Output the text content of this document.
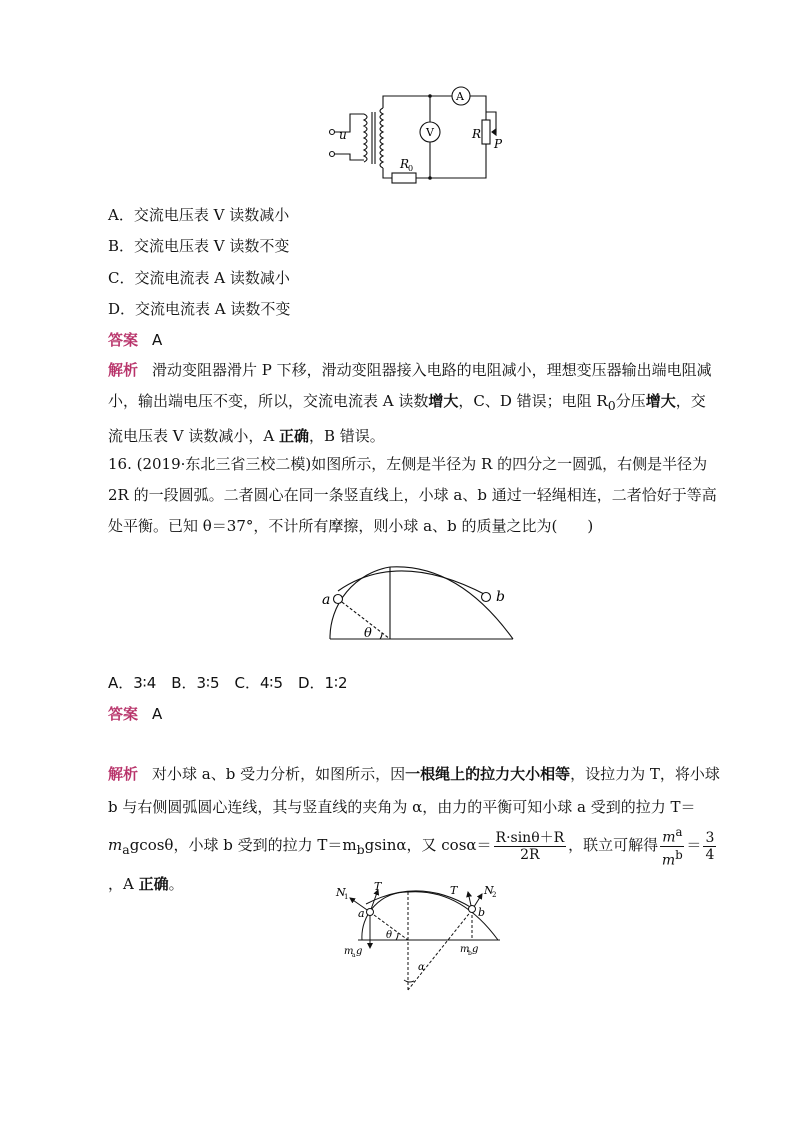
u
A
V	R
P
R
0
A．交流电压表 V 读数减小
B．交流电压表 V 读数不变
C．交流电流表 A 读数减小
D．交流电流表 A 读数不变
答案 A
解析 滑动变阻器滑片 P 下移，滑动变阻器接入电路的电阻减小，理想变压器输出端电阻减小，输出端电压不变，所以，交流电流表 A 读数增大，C、D 错误；电阻 $R_0$分压增大，交流电压表 V 读数减小，A 正确，B 错误。
16. (2019·东北三省三校二模)如图所示，左侧是半径为 R 的四分之一圆弧，右侧是半径为 2R 的一段圆弧。二者圆心在同一条竖直线上，小球 a、b 通过一轻绳相连，二者恰好于等高处平衡。已知 θ＝37°，不计所有摩擦，则小球 a、b 的质量之比为(　　)
a	b
θ
A．3∶4　B．3∶5　C．4∶5　D．1∶2
答案 A
解析 对小球 a、b 受力分析，如图所示，因一根绳上的拉力大小相等，设拉力为 T，将小球 b 与右侧圆弧圆心连线，其与竖直线的夹角为 α，由力的平衡可知小球 a 受到的拉力 $T=m_agcos\theta$，小球 b 受到的拉力 $T=m_bgsin\alpha$，又 $\cos\alpha= \frac{R\cdot\sin\theta+R}{2R}$ ，联立可解得 $\frac{m^a}{m^b} = \frac{3}{4}$
，A 正确。	N
1
T
a
m
a g
T N
2
b
m
b g
θ
α
